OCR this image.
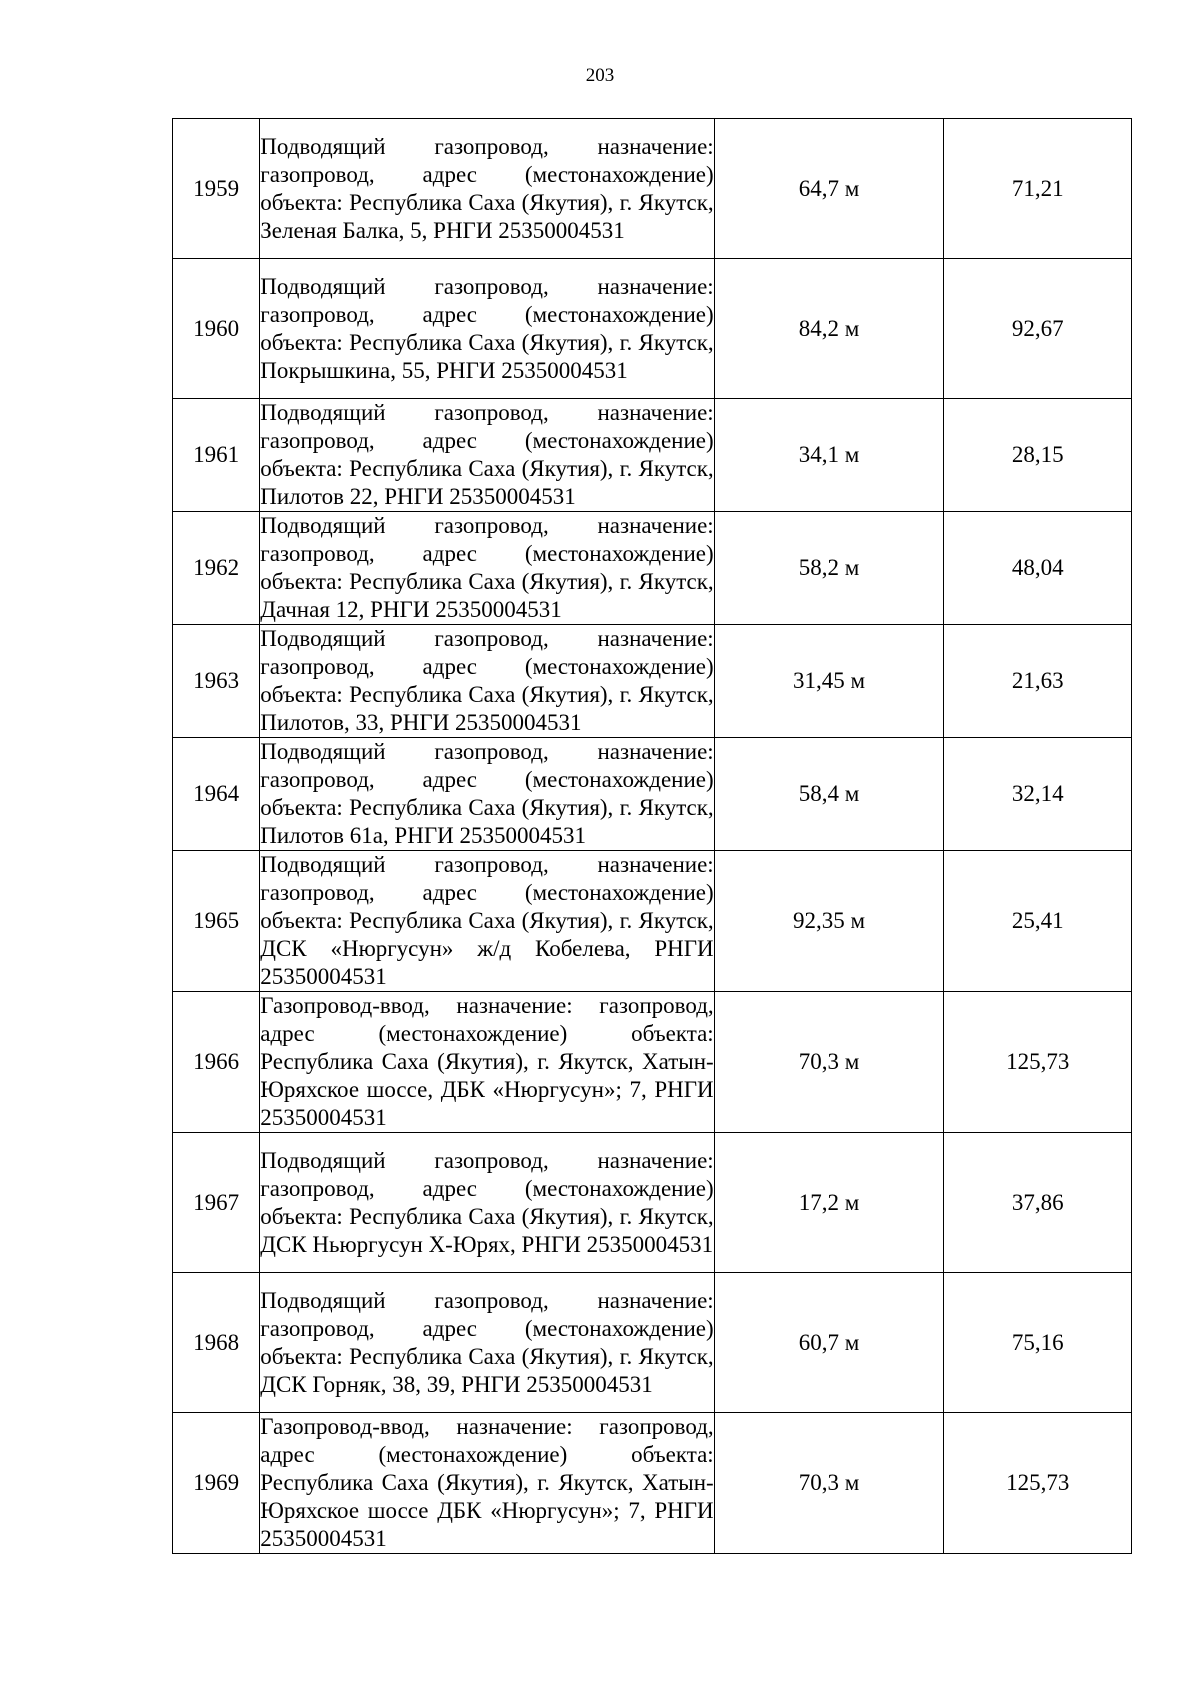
203
1959	Подводящий газопровод, назначение: газопровод, адрес (местонахождение) объекта: Республика Саха (Якутия), г. Якутск, Зеленая Балка, 5, РНГИ 25350004531	64,7 м	71,21
1960	Подводящий газопровод, назначение: газопровод, адрес (местонахождение) объекта: Республика Саха (Якутия), г. Якутск, Покрышкина, 55, РНГИ 25350004531	84,2 м	92,67
1961	Подводящий газопровод, назначение: газопровод, адрес (местонахождение) объекта: Республика Саха (Якутия), г. Якутск, Пилотов 22, РНГИ 25350004531	34,1 м	28,15
1962	Подводящий газопровод, назначение: газопровод, адрес (местонахождение) объекта: Республика Саха (Якутия), г. Якутск, Дачная 12, РНГИ 25350004531	58,2 м	48,04
1963	Подводящий газопровод, назначение: газопровод, адрес (местонахождение) объекта: Республика Саха (Якутия), г. Якутск, Пилотов, 33, РНГИ 25350004531	31,45 м	21,63
1964	Подводящий газопровод, назначение: газопровод, адрес (местонахождение) объекта: Республика Саха (Якутия), г. Якутск, Пилотов 61а, РНГИ 25350004531	58,4 м	32,14
1965	Подводящий газопровод, назначение: газопровод, адрес (местонахождение) объекта: Республика Саха (Якутия), г. Якутск, ДСК «Нюргусун» ж/д Кобелева, РНГИ 25350004531	92,35 м	25,41
1966	Газопровод-ввод, назначение: газопровод, адрес (местонахождение) объекта: Республика Саха (Якутия), г. Якутск, Хатын-Юряхское шоссе, ДБК «Нюргусун»; 7, РНГИ 25350004531	70,3 м	125,73
1967	Подводящий газопровод, назначение: газопровод, адрес (местонахождение) объекта: Республика Саха (Якутия), г. Якутск, ДСК Ньюргусун Х-Юрях, РНГИ 25350004531	17,2 м	37,86
1968	Подводящий газопровод, назначение: газопровод, адрес (местонахождение) объекта: Республика Саха (Якутия), г. Якутск, ДСК Горняк, 38, 39, РНГИ 25350004531	60,7 м	75,16
1969	Газопровод-ввод, назначение: газопровод, адрес (местонахождение) объекта: Республика Саха (Якутия), г. Якутск, Хатын-Юряхское шоссе ДБК «Нюргусун»; 7, РНГИ 25350004531	70,3 м	125,73
